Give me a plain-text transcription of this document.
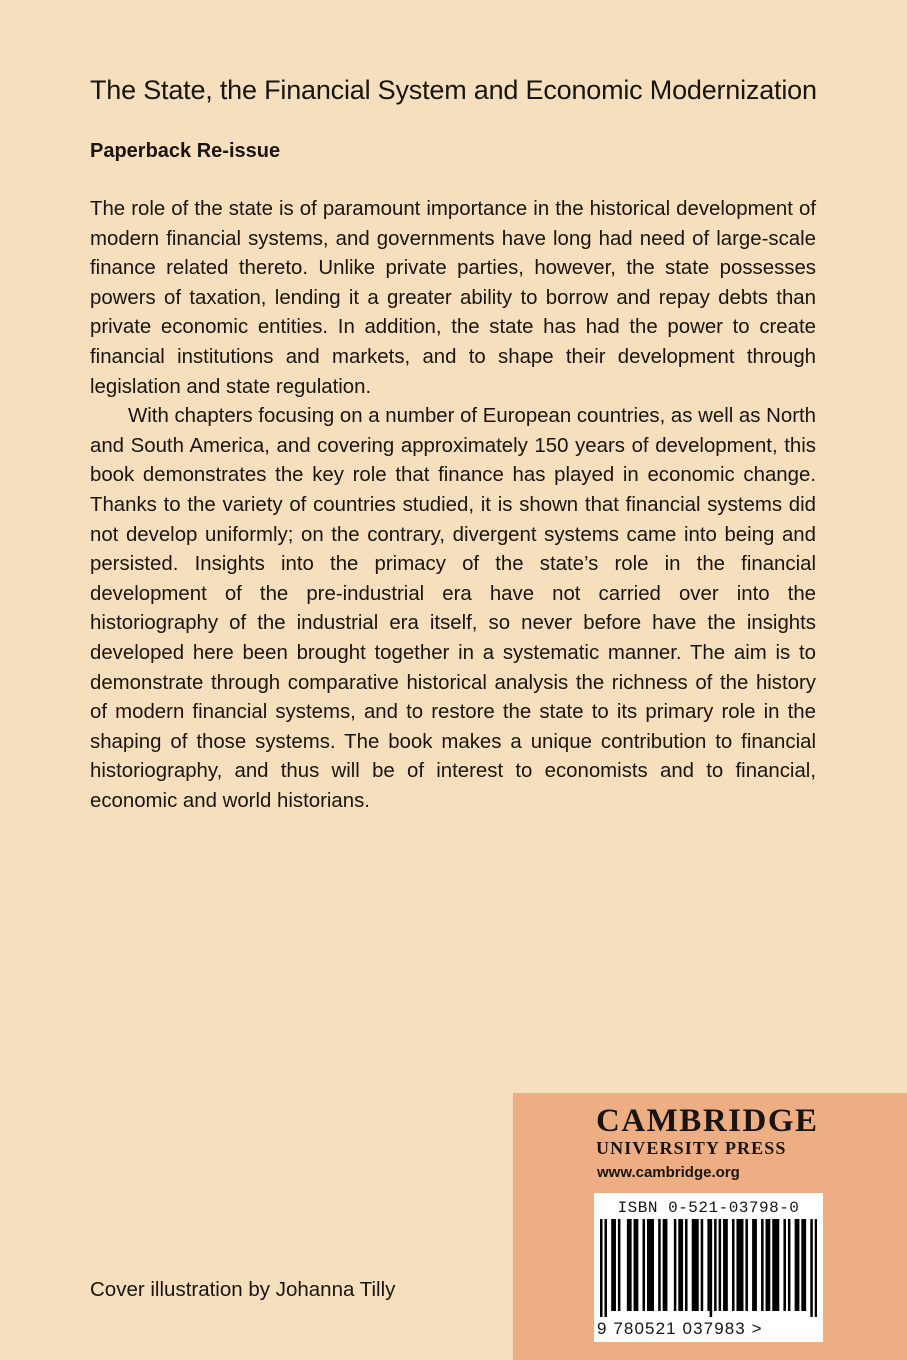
The State, the Financial System and Economic Modernization
Paperback Re-issue

The role of the state is of paramount importance in the historical development of modern financial systems, and governments have long had need of large-scale finance related thereto. Unlike private parties, however, the state possesses powers of taxation, lending it a greater ability to borrow and repay debts than private economic entities. In addition, the state has had the power to create financial institutions and markets, and to shape their development through legislation and state regulation.

With chapters focusing on a number of European countries, as well as North and South America, and covering approximately 150 years of development, this book demonstrates the key role that finance has played in economic change. Thanks to the variety of countries studied, it is shown that financial systems did not develop uniformly; on the contrary, divergent systems came into being and persisted. Insights into the primacy of the state’s role in the financial development of the pre-industrial era have not carried over into the historiography of the industrial era itself, so never before have the insights developed here been brought together in a systematic manner. The aim is to demonstrate through comparative historical analysis the richness of the history of modern financial systems, and to restore the state to its primary role in the shaping of those systems. The book makes a unique contribution to financial historiography, and thus will be of interest to economists and to financial, economic and world historians.

Cover illustration by Johanna Tilly
CAMBRIDGE
UNIVERSITY PRESS
www.cambridge.org
ISBN 0-521-03798-0
9 780521 037983 >
